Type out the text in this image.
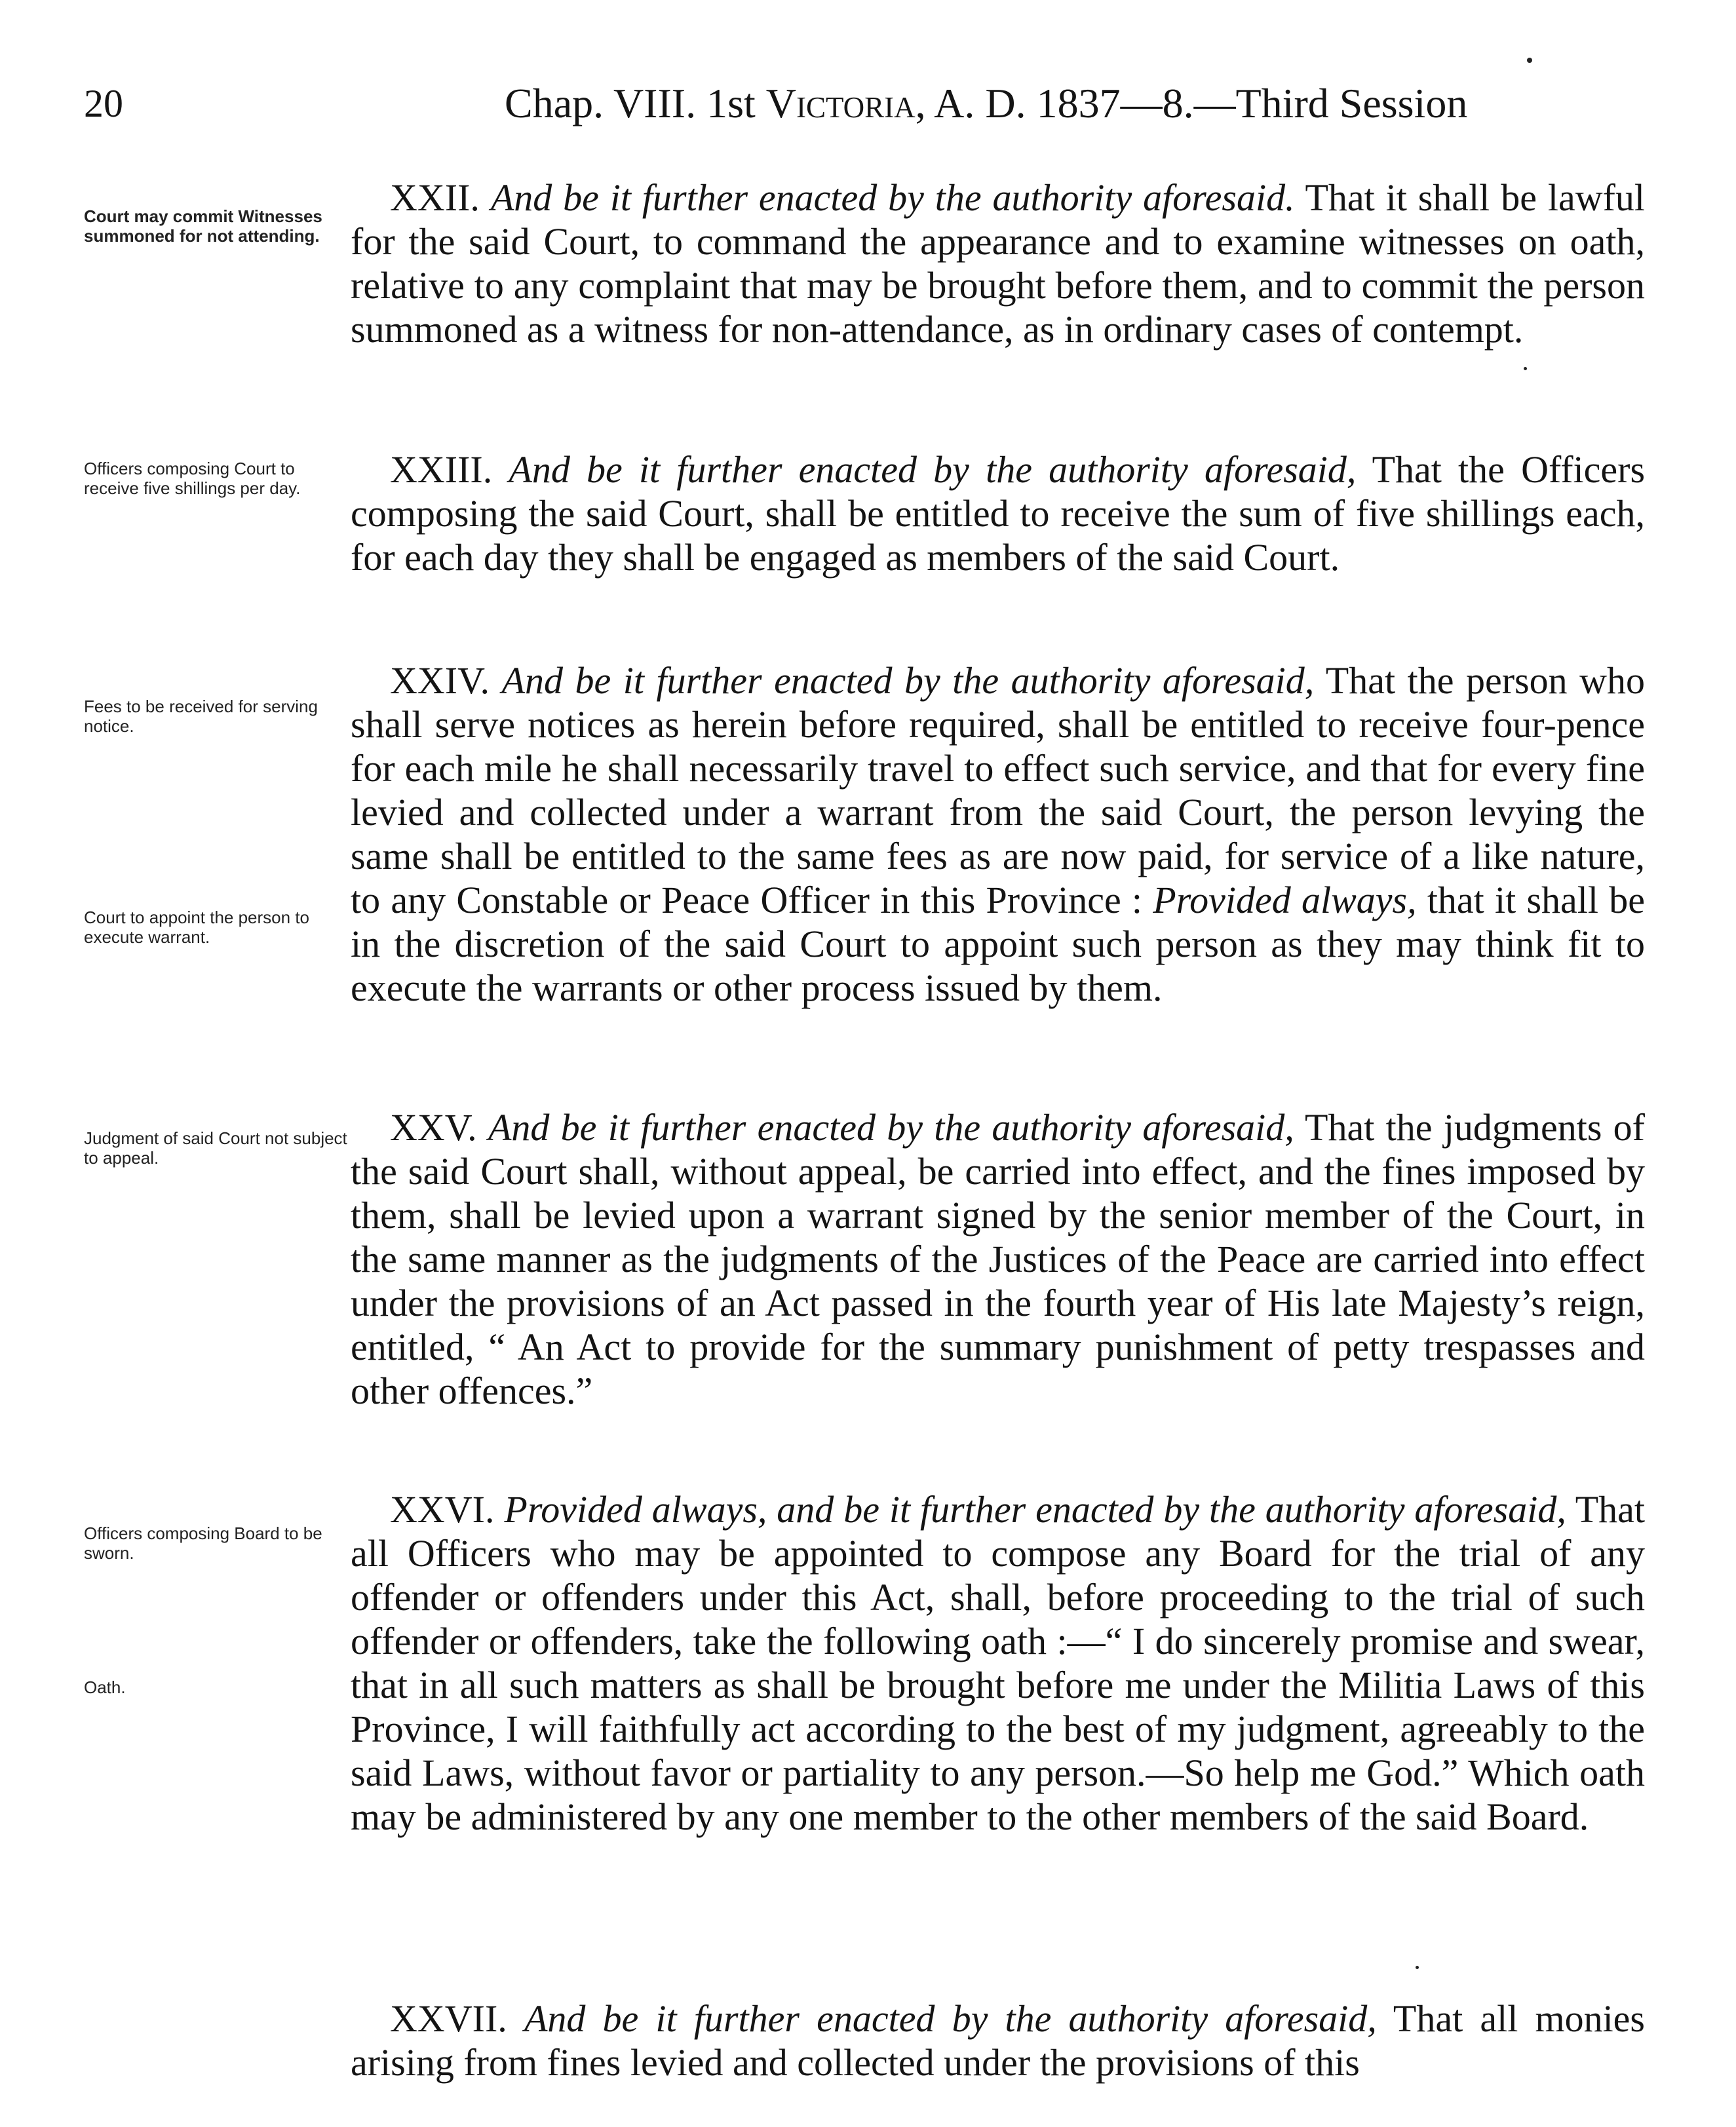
20	Chap. VIII. 1st Victoria, A. D. 1837—8.—Third Session
Court may commit Witnesses summoned for not attending.
Officers composing Court to receive five shillings per day.
Fees to be received for serving notice.
Court to appoint the person to execute warrant.
Judgment of said Court not subject to appeal.
Officers composing Board to be sworn.
Oath.
XXII. And be it further enacted by the authority aforesaid. That it shall be lawful for the said Court, to command the appearance and to examine witnesses on oath, relative to any complaint that may be brought before them, and to commit the person summoned as a witness for non-attendance, as in ordinary cases of contempt.
XXIII. And be it further enacted by the authority aforesaid, That the Officers composing the said Court, shall be entitled to receive the sum of five shillings each, for each day they shall be engaged as members of the said Court.
XXIV. And be it further enacted by the authority aforesaid, That the person who shall serve notices as herein before required, shall be entitled to receive four-pence for each mile he shall necessarily travel to effect such service, and that for every fine levied and collected under a warrant from the said Court, the person levying the same shall be entitled to the same fees as are now paid, for service of a like nature, to any Constable or Peace Officer in this Province : Provided always, that it shall be in the discretion of the said Court to appoint such person as they may think fit to execute the warrants or other process issued by them.
XXV. And be it further enacted by the authority aforesaid, That the judgments of the said Court shall, without appeal, be carried into effect, and the fines imposed by them, shall be levied upon a warrant signed by the senior member of the Court, in the same manner as the judgments of the Justices of the Peace are carried into effect under the provisions of an Act passed in the fourth year of His late Majesty’s reign, entitled, “ An Act to provide for the summary punishment of petty trespasses and other offences.”
XXVI. Provided always, and be it further enacted by the authority aforesaid, That all Officers who may be appointed to compose any Board for the trial of any offender or offenders under this Act, shall, before proceeding to the trial of such offender or offenders, take the following oath :—“ I do sincerely promise and swear, that in all such matters as shall be brought before me under the Militia Laws of this Province, I will faithfully act according to the best of my judgment, agreeably to the said Laws, without favor or partiality to any person.—So help me God.” Which oath may be administered by any one member to the other members of the said Board.
XXVII. And be it further enacted by the authority aforesaid, That all monies arising from fines levied and collected under the provisions of this
